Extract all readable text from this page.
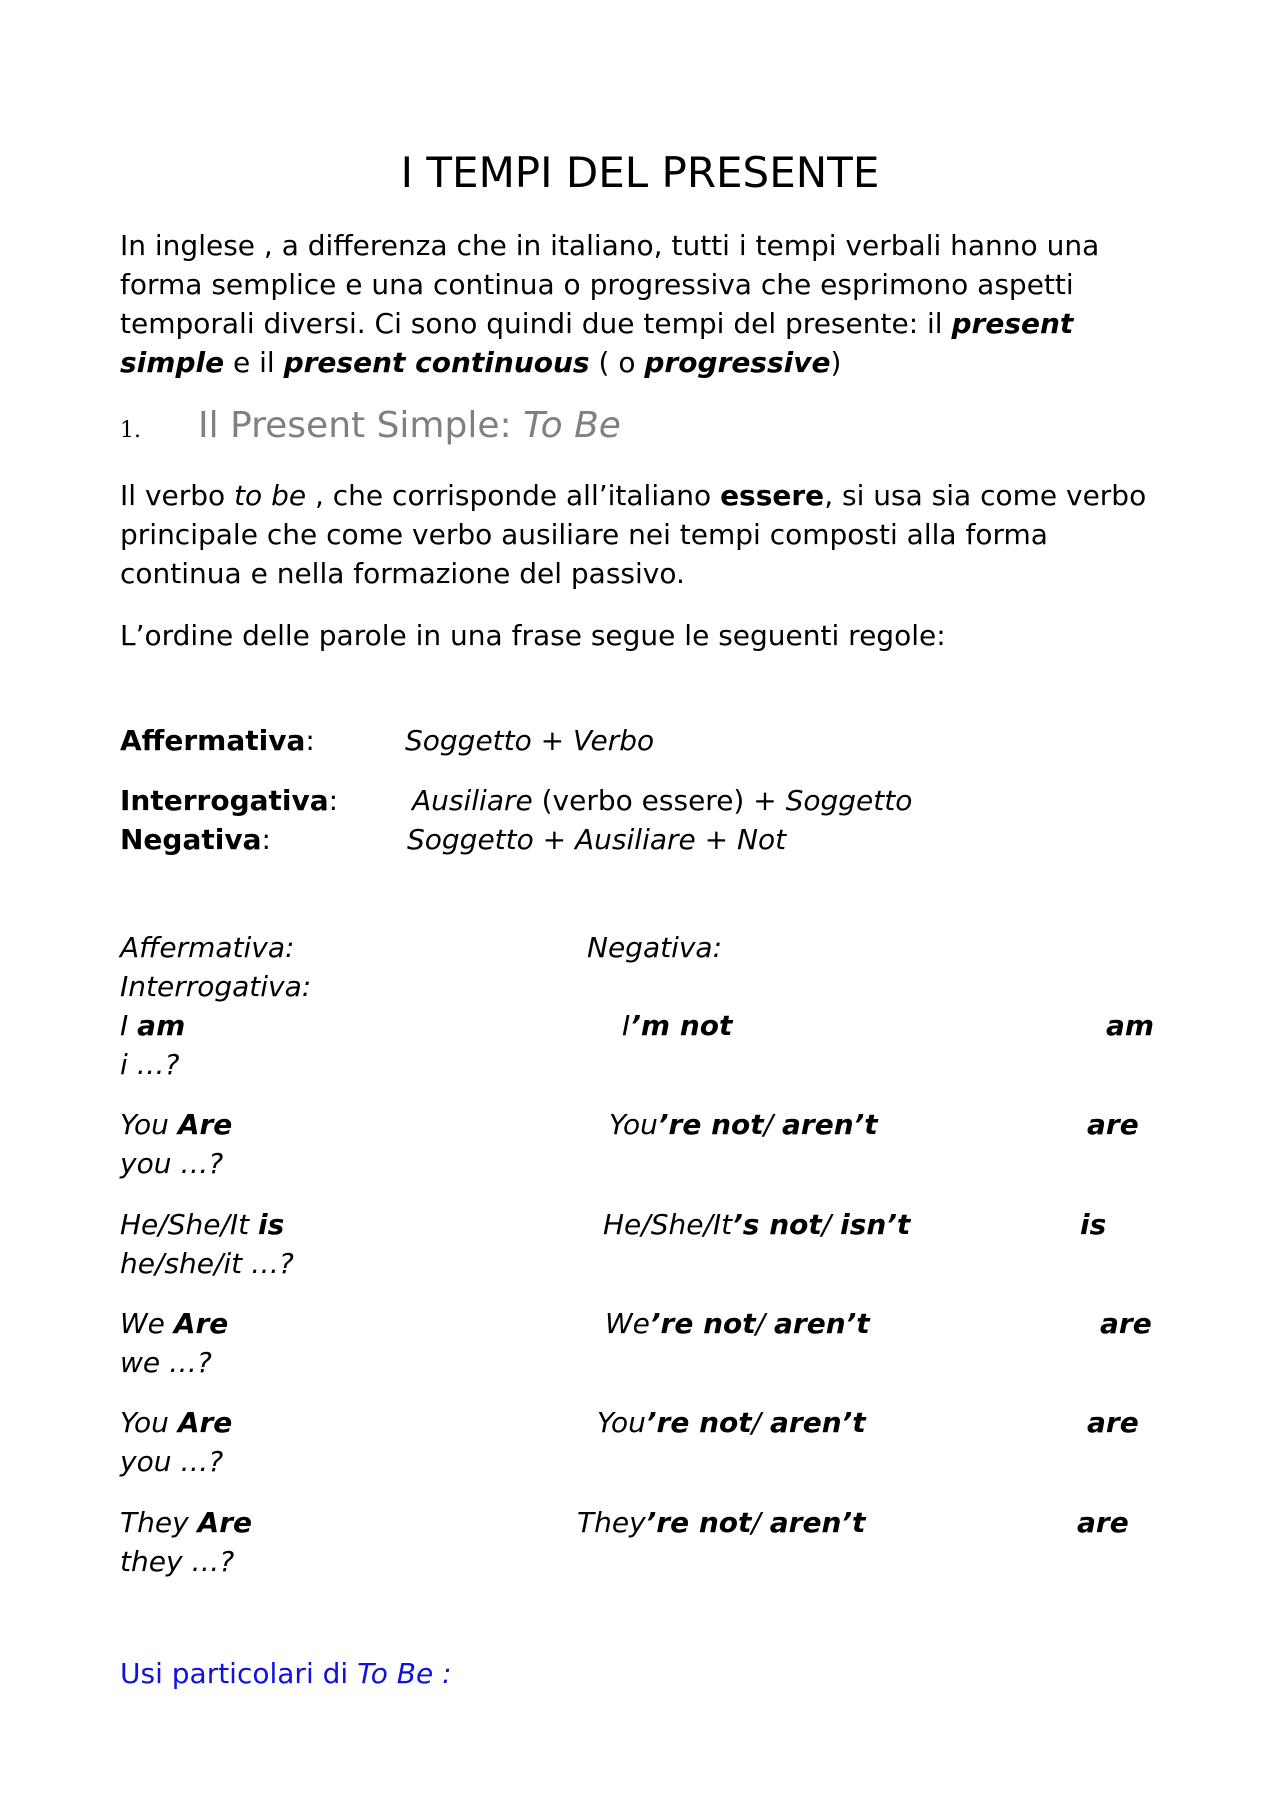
I TEMPI DEL PRESENTE

In inglese , a differenza che in italiano, tutti i tempi verbali hanno una forma semplice e una continua o progressiva che esprimono aspetti temporali diversi. Ci sono quindi due tempi del presente: il present simple e il present continuous ( o progressive)

1. Il Present Simple: To Be

Il verbo to be , che corrisponde all’italiano essere, si usa sia come verbo principale che come verbo ausiliare nei tempi composti alla forma continua e nella formazione del passivo.

L’ordine delle parole in una frase segue le seguenti regole:

Affermativa:	Soggetto + Verbo
Interrogativa:	Ausiliare (verbo essere) + Soggetto
Negativa:	Soggetto + Ausiliare + Not
Affermativa:	Negativa:
Interrogativa:
I am	I’m not	am
i …?
You Are	You’re not/ aren’t	are
you …?
He/She/It is	He/She/It’s not/ isn’t	is
he/she/it …?
We Are	We’re not/ aren’t	are
we …?
You Are	You’re not/ aren’t	are
you …?
They Are	They’re not/ aren’t	are
they …?
Usi particolari di To Be :
